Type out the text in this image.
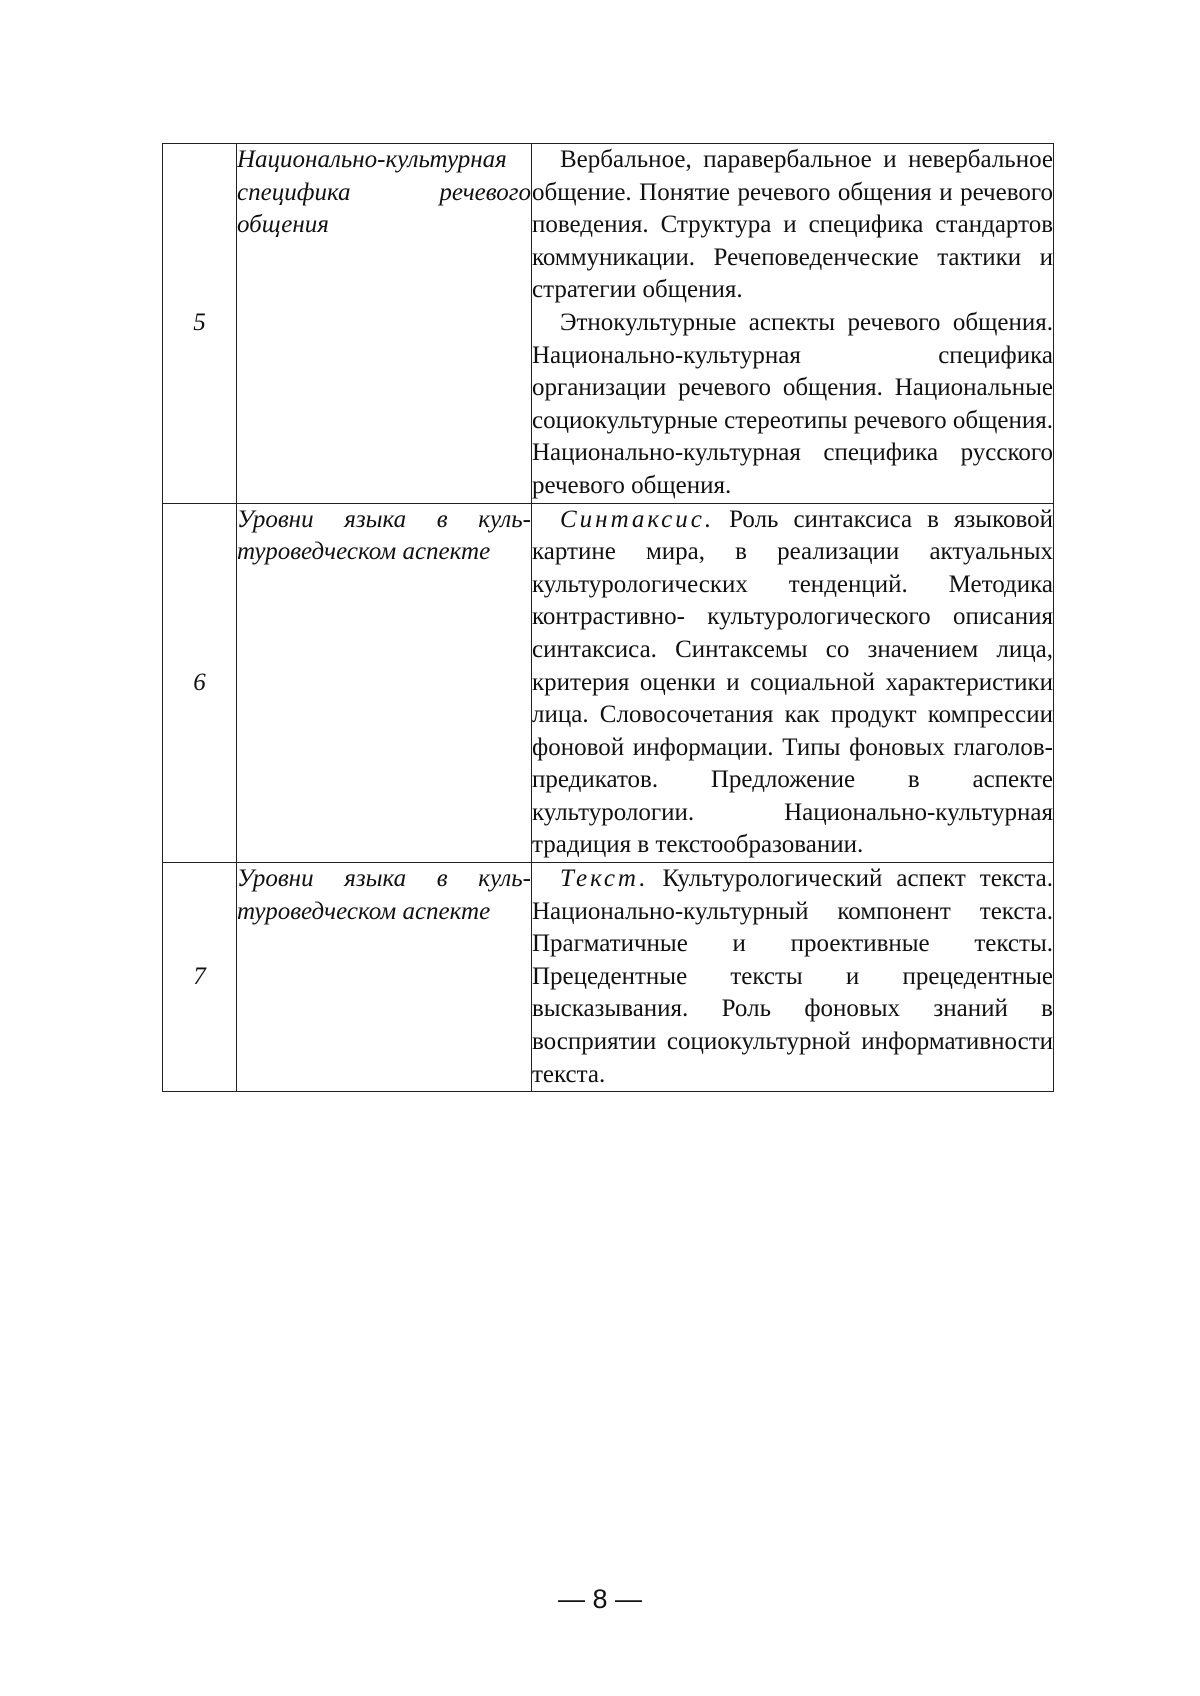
5	Национально-культурная специфика речевого общения	Вербальное, паравербальное и невербальное общение. Понятие речевого общения и речевого поведения. Структура и специфика стандартов коммуникации. Речеповеденческие тактики и стратегии общения.

Этнокультурные аспекты речевого общения. Национально-культурная специфика организации речевого общения. Национальные социокультурные стереотипы речевого общения. Национально-культурная специфика русского речевого общения.

6	Уровни языка в культуроведческом аспекте	Синтаксис. Роль синтаксиса в языковой картине мира, в реализации актуальных культурологических тенденций. Методика контрастивно- культурологического описания синтаксиса. Синтаксемы со значением лица, критерия оценки и социальной характеристики лица. Словосочетания как продукт компрессии фоновой информации. Типы фоновых глаголов- предикатов. Предложение в аспекте культурологии. Национально-культурная традиция в текстообразовании.

7	Уровни языка в культуроведческом аспекте	Текст. Культурологический аспект текста. Национально-культурный компонент текста. Прагматичные и проективные тексты. Прецедентные тексты и прецедентные высказывания. Роль фоновых знаний в восприятии социокультурной информативности текста.

— 8 —
